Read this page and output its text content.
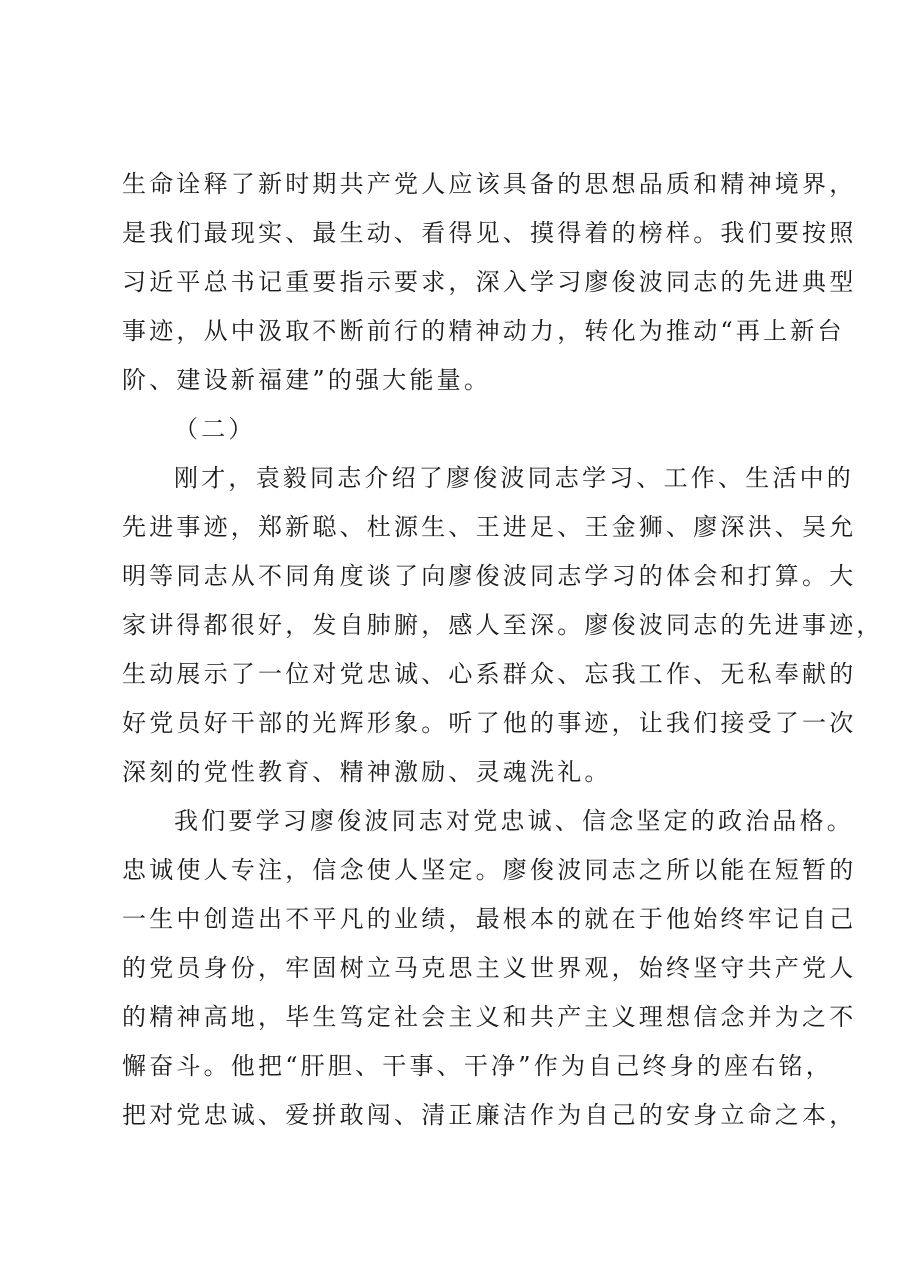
生命诠释了新时期共产党人应该具备的思想品质和精神境界，
是我们最现实、最生动、看得见、摸得着的榜样。我们要按照
习近平总书记重要指示要求，深入学习廖俊波同志的先进典型
事迹，从中汲取不断前行的精神动力，转化为推动“再上新台
阶、建设新福建”的强大能量。
（二）
刚才，袁毅同志介绍了廖俊波同志学习、工作、生活中的
先进事迹，郑新聪、杜源生、王进足、王金狮、廖深洪、吴允
明等同志从不同角度谈了向廖俊波同志学习的体会和打算。大
家讲得都很好，发自肺腑，感人至深。廖俊波同志的先进事迹，
生动展示了一位对党忠诚、心系群众、忘我工作、无私奉献的
好党员好干部的光辉形象。听了他的事迹，让我们接受了一次
深刻的党性教育、精神激励、灵魂洗礼。
我们要学习廖俊波同志对党忠诚、信念坚定的政治品格。
忠诚使人专注，信念使人坚定。廖俊波同志之所以能在短暂的
一生中创造出不平凡的业绩，最根本的就在于他始终牢记自己
的党员身份，牢固树立马克思主义世界观，始终坚守共产党人
的精神高地，毕生笃定社会主义和共产主义理想信念并为之不
懈奋斗。他把“肝胆、干事、干净”作为自己终身的座右铭，
把对党忠诚、爱拼敢闯、清正廉洁作为自己的安身立命之本，
